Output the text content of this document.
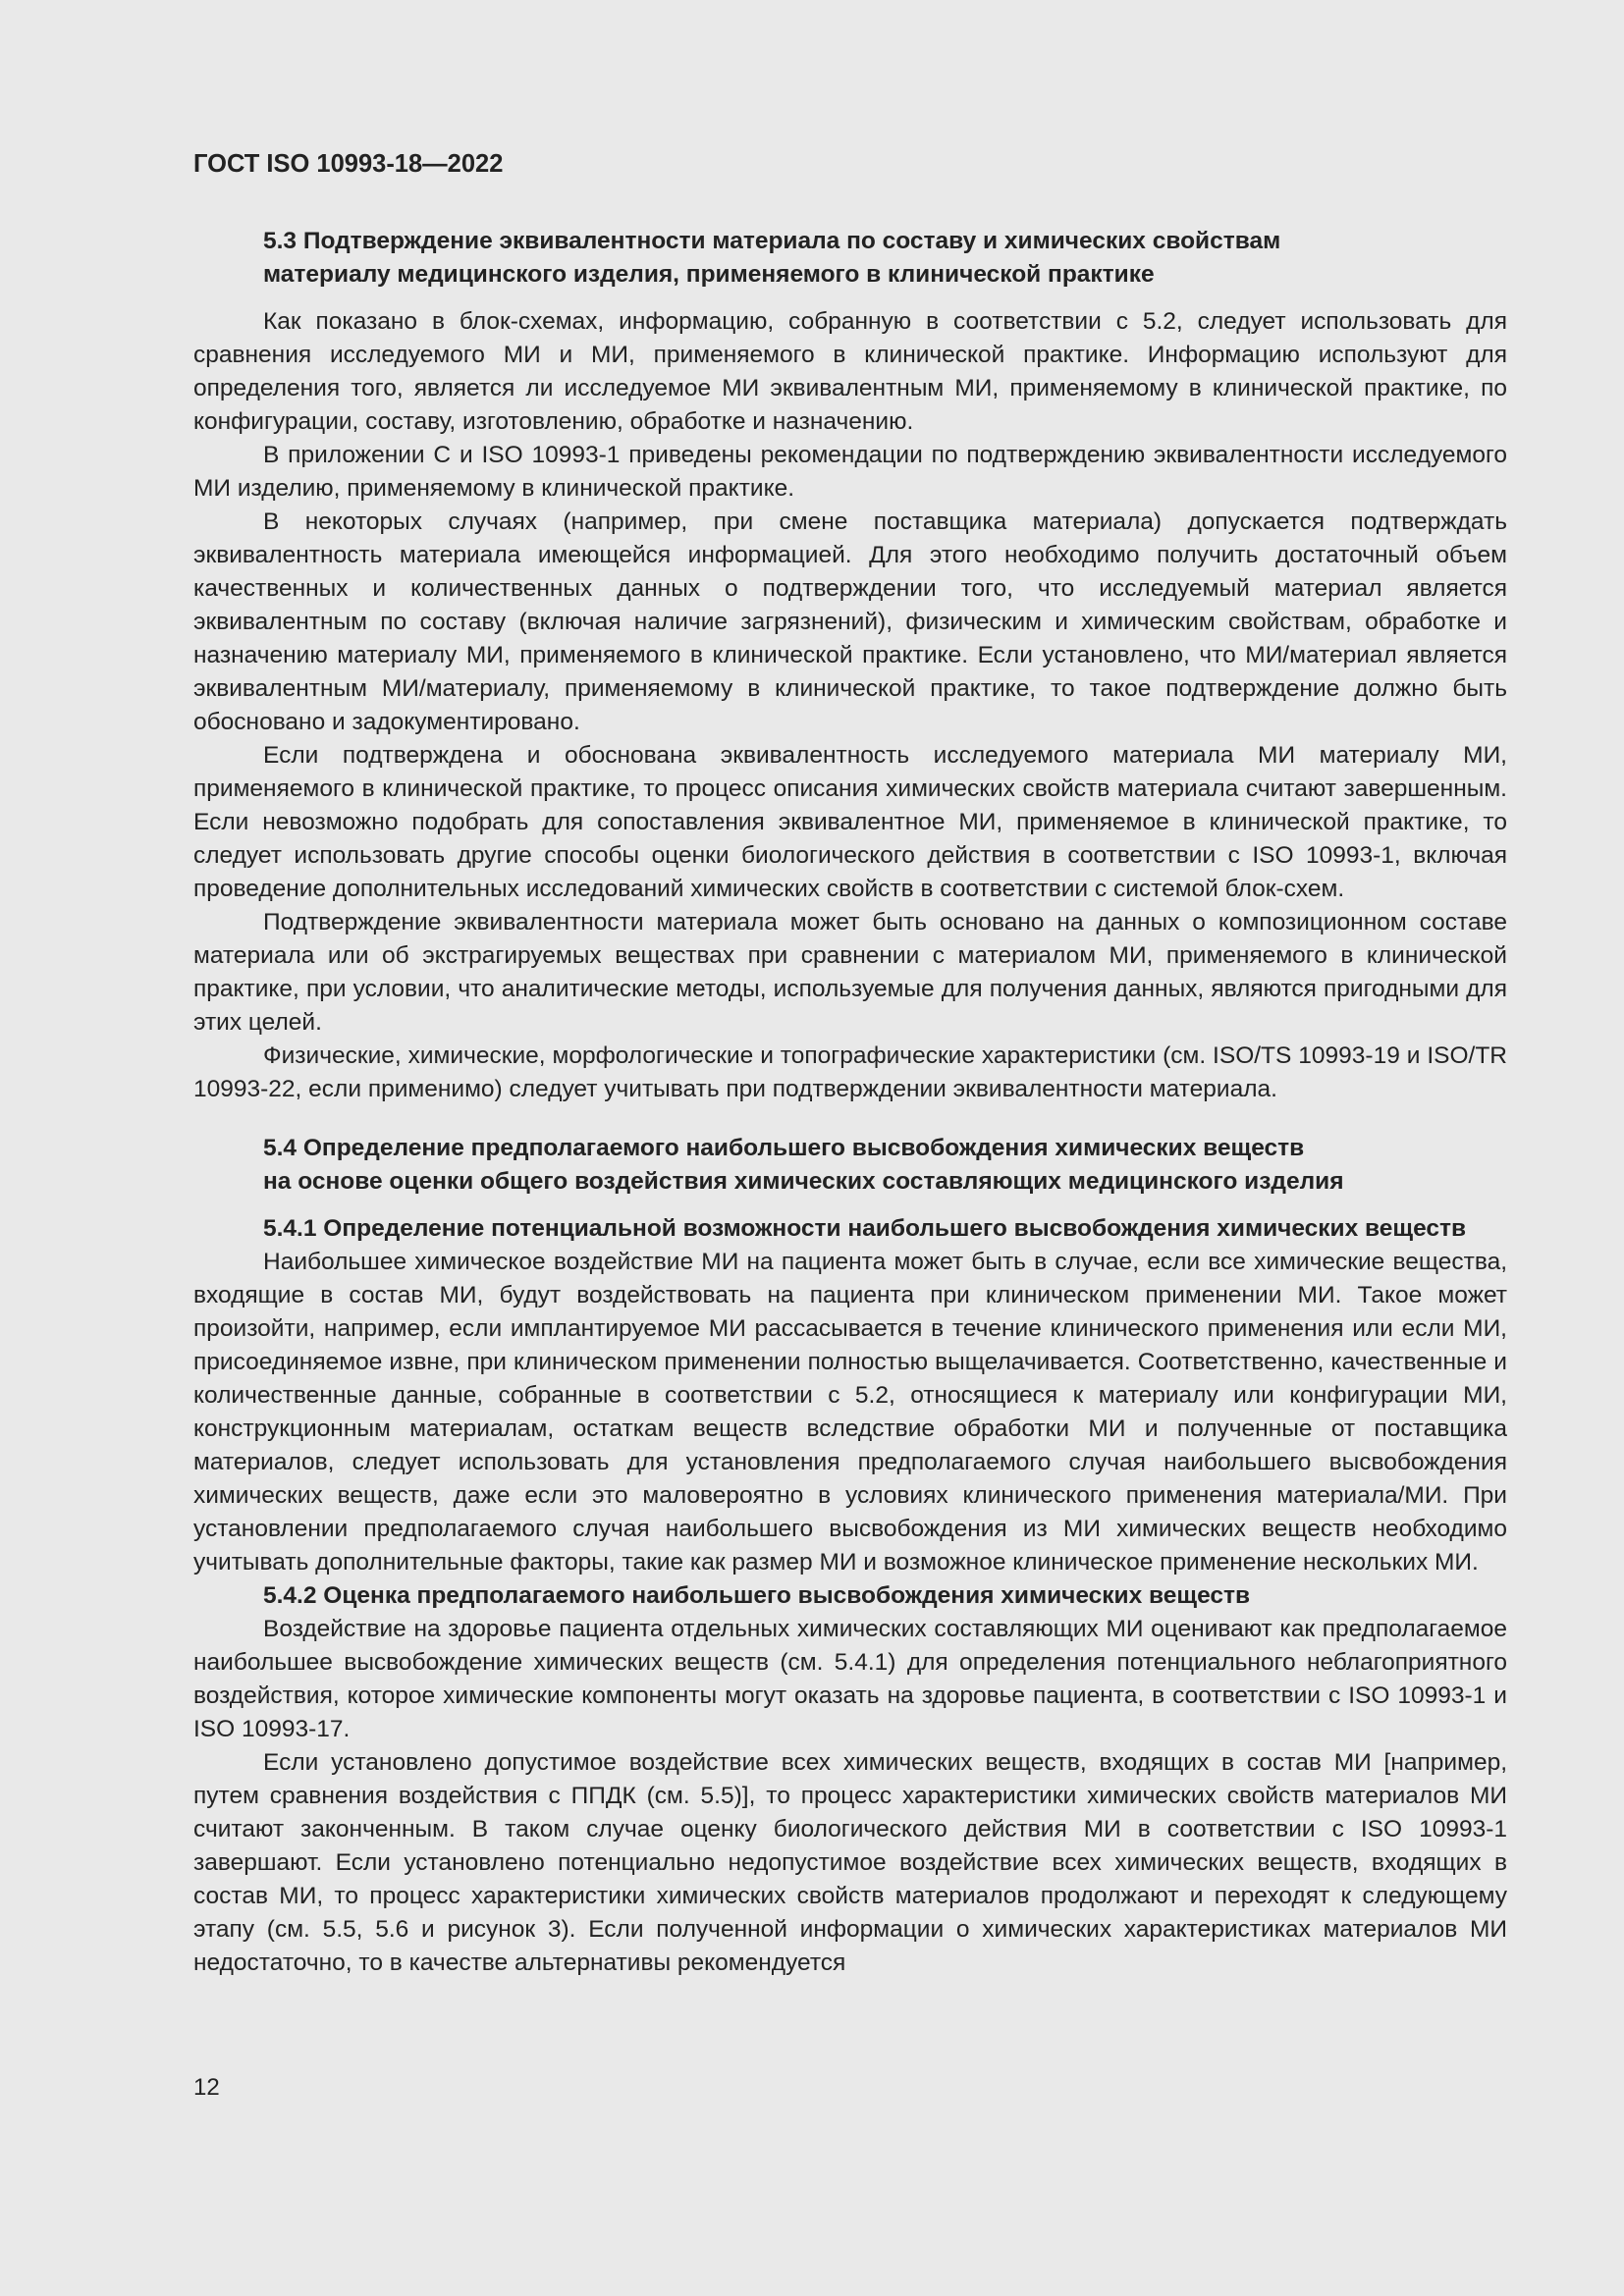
ГОСТ ISO 10993-18—2022

5.3 Подтверждение эквивалентности материала по составу и химических свойствам

материалу медицинского изделия, применяемого в клинической практике

Как показано в блок-схемах, информацию, собранную в соответствии с 5.2, следует использовать для сравнения исследуемого МИ и МИ, применяемого в клинической практике. Информацию используют для определения того, является ли исследуемое МИ эквивалентным МИ, применяемому в клинической практике, по конфигурации, составу, изготовлению, обработке и назначению.

В приложении С и ISO 10993-1 приведены рекомендации по подтверждению эквивалентности исследуемого МИ изделию, применяемому в клинической практике.

В некоторых случаях (например, при смене поставщика материала) допускается подтверждать эквивалентность материала имеющейся информацией. Для этого необходимо получить достаточный объем качественных и количественных данных о подтверждении того, что исследуемый материал является эквивалентным по составу (включая наличие загрязнений), физическим и химическим свойствам, обработке и назначению материалу МИ, применяемого в клинической практике. Если установлено, что МИ/материал является эквивалентным МИ/материалу, применяемому в клинической практике, то такое подтверждение должно быть обосновано и задокументировано.

Если подтверждена и обоснована эквивалентность исследуемого материала МИ материалу МИ, применяемого в клинической практике, то процесс описания химических свойств материала считают завершенным. Если невозможно подобрать для сопоставления эквивалентное МИ, применяемое в клинической практике, то следует использовать другие способы оценки биологического действия в соответствии с ISO 10993-1, включая проведение дополнительных исследований химических свойств в соответствии с системой блок-схем.

Подтверждение эквивалентности материала может быть основано на данных о композиционном составе материала или об экстрагируемых веществах при сравнении с материалом МИ, применяемого в клинической практике, при условии, что аналитические методы, используемые для получения данных, являются пригодными для этих целей.

Физические, химические, морфологические и топографические характеристики (см. ISO/TS 10993-19 и ISO/TR 10993-22, если применимо) следует учитывать при подтверждении эквивалентности материала.

5.4 Определение предполагаемого наибольшего высвобождения химических веществ

на основе оценки общего воздействия химических составляющих медицинского изделия

5.4.1 Определение потенциальной возможности наибольшего высвобождения химических веществ

Наибольшее химическое воздействие МИ на пациента может быть в случае, если все химические вещества, входящие в состав МИ, будут воздействовать на пациента при клиническом применении МИ. Такое может произойти, например, если имплантируемое МИ рассасывается в течение клинического применения или если МИ, присоединяемое извне, при клиническом применении полностью выщелачивается. Соответственно, качественные и количественные данные, собранные в соответствии с 5.2, относящиеся к материалу или конфигурации МИ, конструкционным материалам, остаткам веществ вследствие обработки МИ и полученные от поставщика материалов, следует использовать для установления предполагаемого случая наибольшего высвобождения химических веществ, даже если это маловероятно в условиях клинического применения материала/МИ. При установлении предполагаемого случая наибольшего высвобождения из МИ химических веществ необходимо учитывать дополнительные факторы, такие как размер МИ и возможное клиническое применение нескольких МИ.

5.4.2 Оценка предполагаемого наибольшего высвобождения химических веществ

Воздействие на здоровье пациента отдельных химических составляющих МИ оценивают как предполагаемое наибольшее высвобождение химических веществ (см. 5.4.1) для определения потенциального неблагоприятного воздействия, которое химические компоненты могут оказать на здоровье пациента, в соответствии с ISO 10993-1 и ISO 10993-17.

Если установлено допустимое воздействие всех химических веществ, входящих в состав МИ [например, путем сравнения воздействия с ППДК (см. 5.5)], то процесс характеристики химических свойств материалов МИ считают законченным. В таком случае оценку биологического действия МИ в соответствии с ISO 10993-1 завершают. Если установлено потенциально недопустимое воздействие всех химических веществ, входящих в состав МИ, то процесс характеристики химических свойств материалов продолжают и переходят к следующему этапу (см. 5.5, 5.6 и рисунок 3). Если полученной информации о химических характеристиках материалов МИ недостаточно, то в качестве альтернативы рекомендуется

12
